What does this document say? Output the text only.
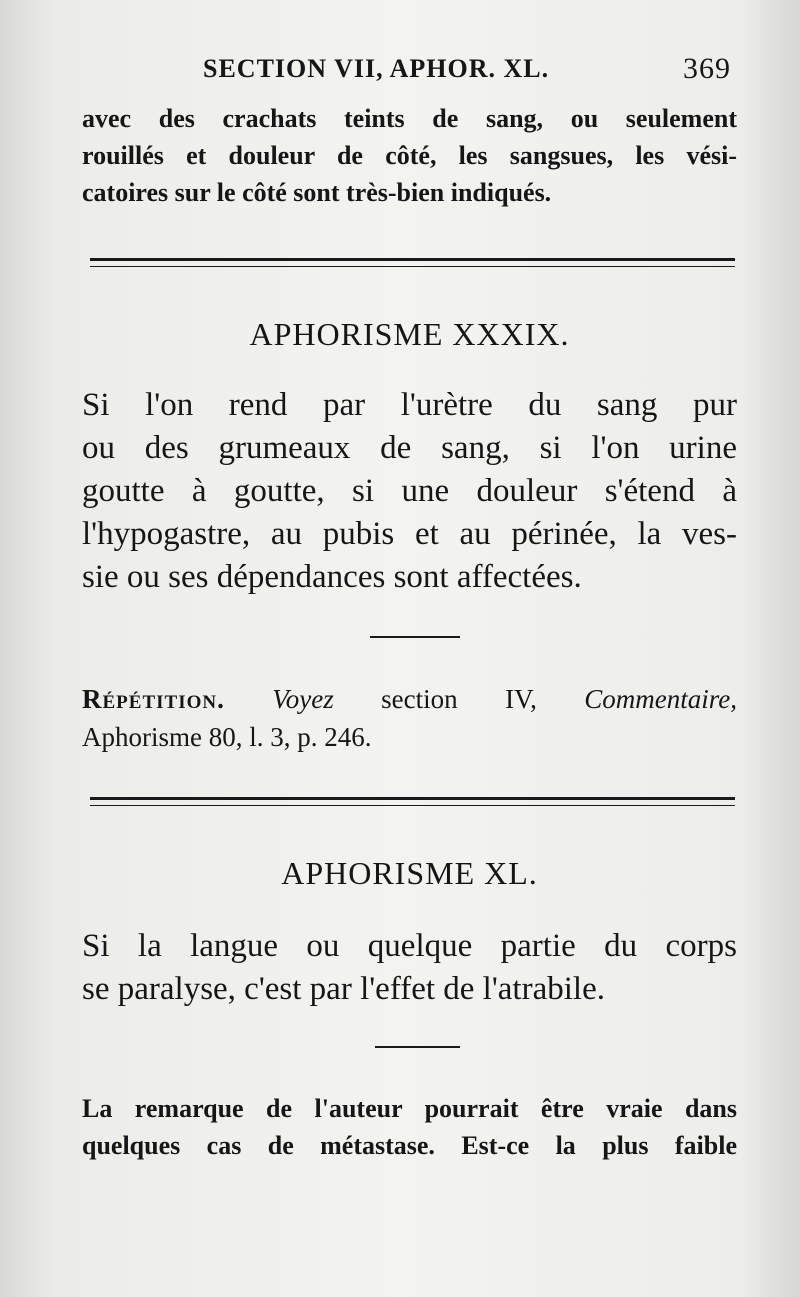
SECTION VII, APHOR. XL.	369
avec des crachats teints de sang, ou seulement
rouillés et douleur de côté, les sangsues, les vési-
catoires sur le côté sont très-bien indiqués.
APHORISME XXXIX.
Si l'on rend par l'urètre du sang pur
ou des grumeaux de sang, si l'on urine
goutte à goutte, si une douleur s'étend à
l'hypogastre, au pubis et au périnée, la ves-
sie ou ses dépendances sont affectées.
Répétition. Voyez section IV, Commentaire,
Aphorisme 80, l. 3, p. 246.
APHORISME XL.
Si la langue ou quelque partie du corps
se paralyse, c'est par l'effet de l'atrabile.
La remarque de l'auteur pourrait être vraie dans
quelques cas de métastase. Est-ce la plus faible
